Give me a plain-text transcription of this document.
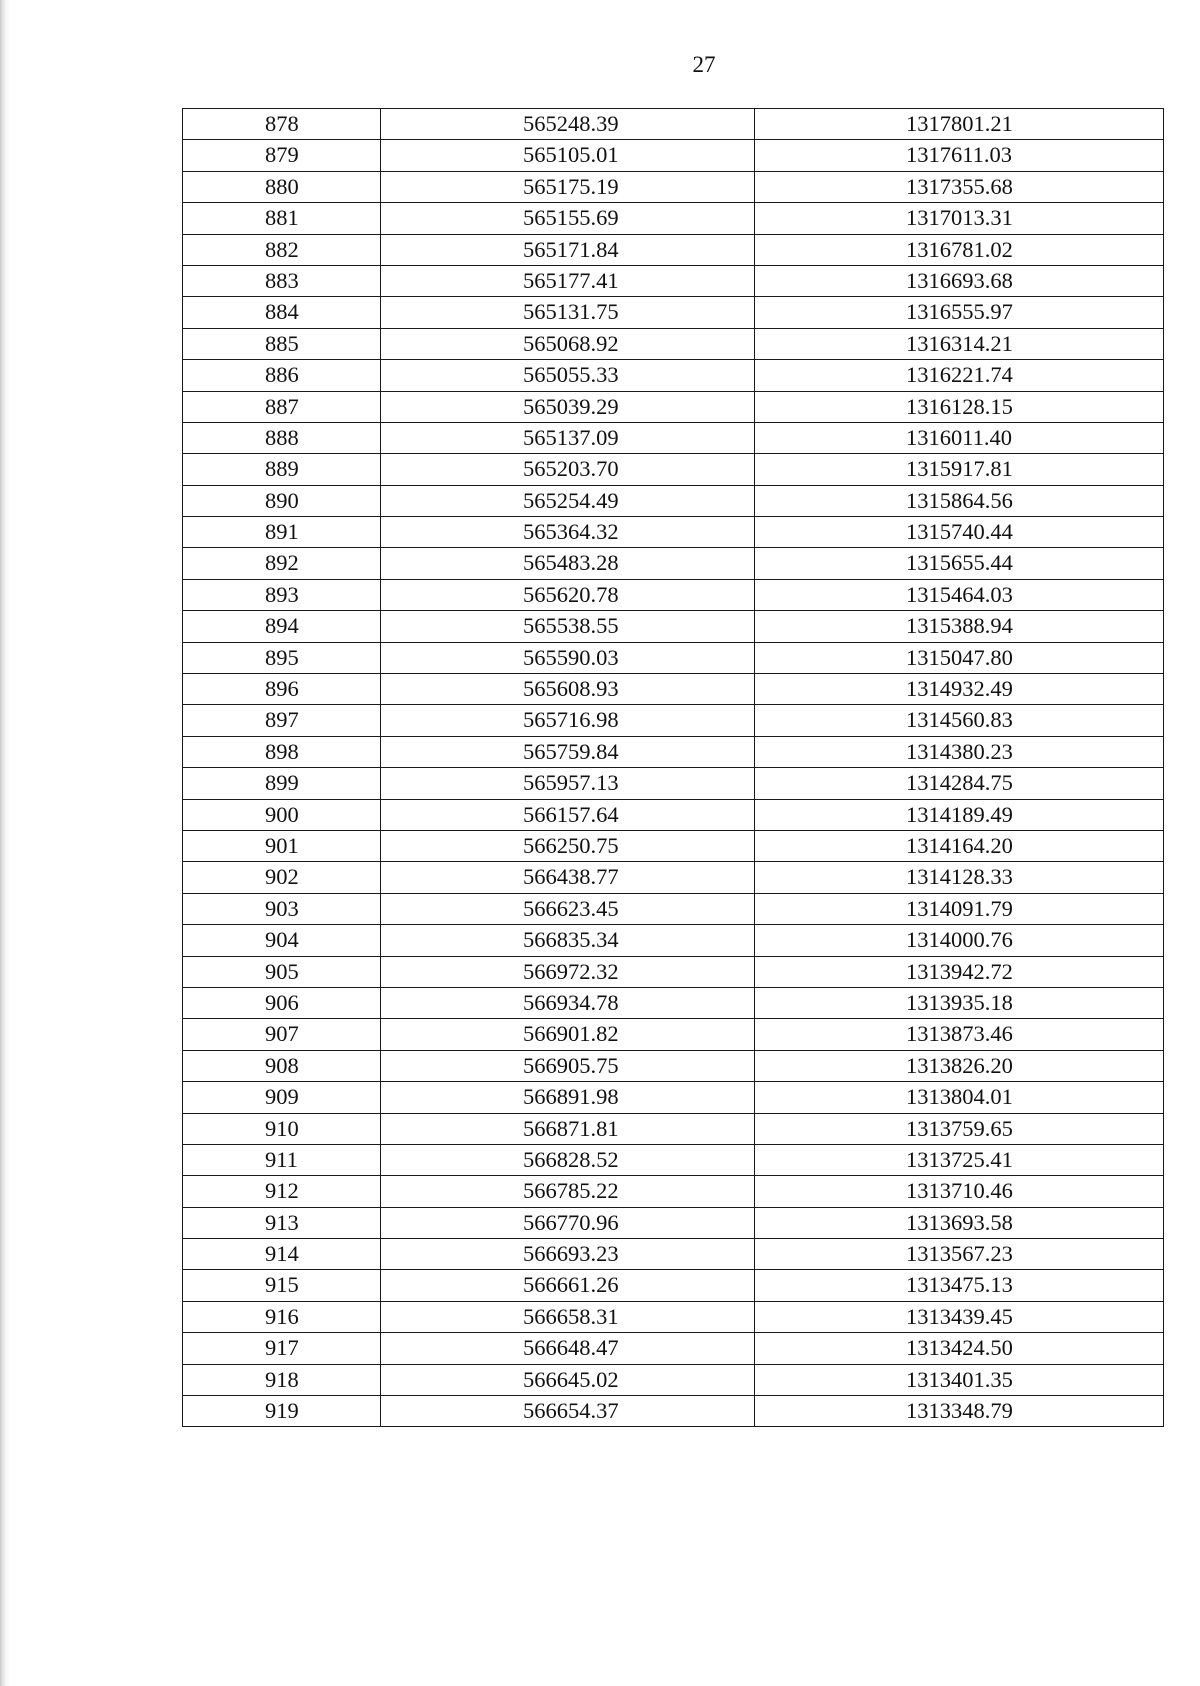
27
878	565248.39	1317801.21
879	565105.01	1317611.03
880	565175.19	1317355.68
881	565155.69	1317013.31
882	565171.84	1316781.02
883	565177.41	1316693.68
884	565131.75	1316555.97
885	565068.92	1316314.21
886	565055.33	1316221.74
887	565039.29	1316128.15
888	565137.09	1316011.40
889	565203.70	1315917.81
890	565254.49	1315864.56
891	565364.32	1315740.44
892	565483.28	1315655.44
893	565620.78	1315464.03
894	565538.55	1315388.94
895	565590.03	1315047.80
896	565608.93	1314932.49
897	565716.98	1314560.83
898	565759.84	1314380.23
899	565957.13	1314284.75
900	566157.64	1314189.49
901	566250.75	1314164.20
902	566438.77	1314128.33
903	566623.45	1314091.79
904	566835.34	1314000.76
905	566972.32	1313942.72
906	566934.78	1313935.18
907	566901.82	1313873.46
908	566905.75	1313826.20
909	566891.98	1313804.01
910	566871.81	1313759.65
911	566828.52	1313725.41
912	566785.22	1313710.46
913	566770.96	1313693.58
914	566693.23	1313567.23
915	566661.26	1313475.13
916	566658.31	1313439.45
917	566648.47	1313424.50
918	566645.02	1313401.35
919	566654.37	1313348.79
